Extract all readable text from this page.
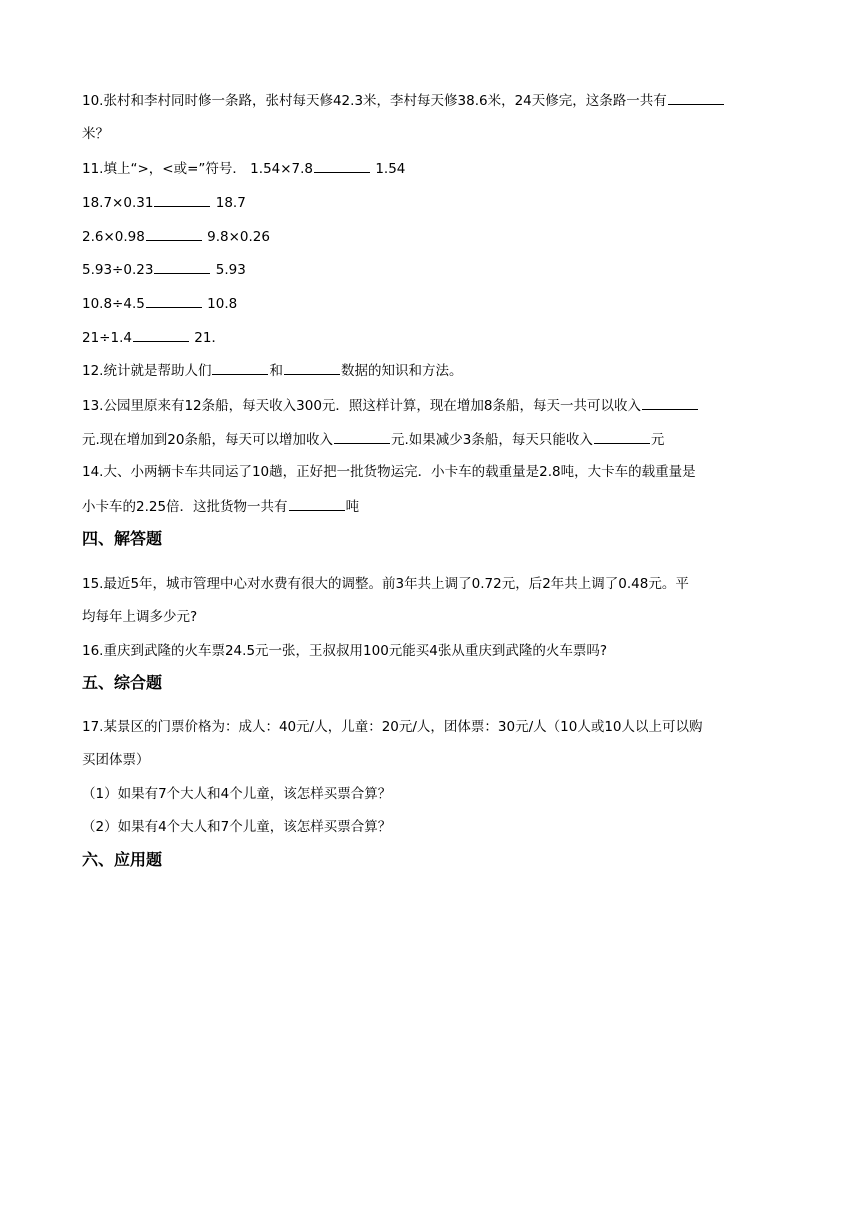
10.张村和李村同时修一条路，张村每天修42.3米，李村每天修38.6米，24天修完，这条路一共有
米？
11.填上“>，<或=”符号． 1.54×7.8	1.54
18.7×0.31	18.7
2.6×0.98	9.8×0.26
5.93÷0.23	5.93
10.8÷4.5	10.8
21÷1.4	21．
12.统计就是帮助人们	和	数据的知识和方法。
13.公园里原来有12条船，每天收入300元．照这样计算，现在增加8条船，每天一共可以收入
元.现在增加到20条船，每天可以增加收入	元.如果减少3条船，每天只能收入	元
14.大、小两辆卡车共同运了10趟，正好把一批货物运完．小卡车的载重量是2.8吨，大卡车的载重量是
小卡车的2.25倍．这批货物一共有	吨
四、解答题
15.最近5年，城市管理中心对水费有很大的调整。前3年共上调了0.72元，后2年共上调了0.48元。平
均每年上调多少元?
16.重庆到武隆的火车票24.5元一张，王叔叔用100元能买4张从重庆到武隆的火车票吗?
五、综合题
17.某景区的门票价格为：成人：40元/人，儿童：20元/人，团体票：30元/人（10人或10人以上可以购
买团体票）
（1）如果有7个大人和4个儿童，该怎样买票合算？
（2）如果有4个大人和7个儿童，该怎样买票合算？
六、应用题
